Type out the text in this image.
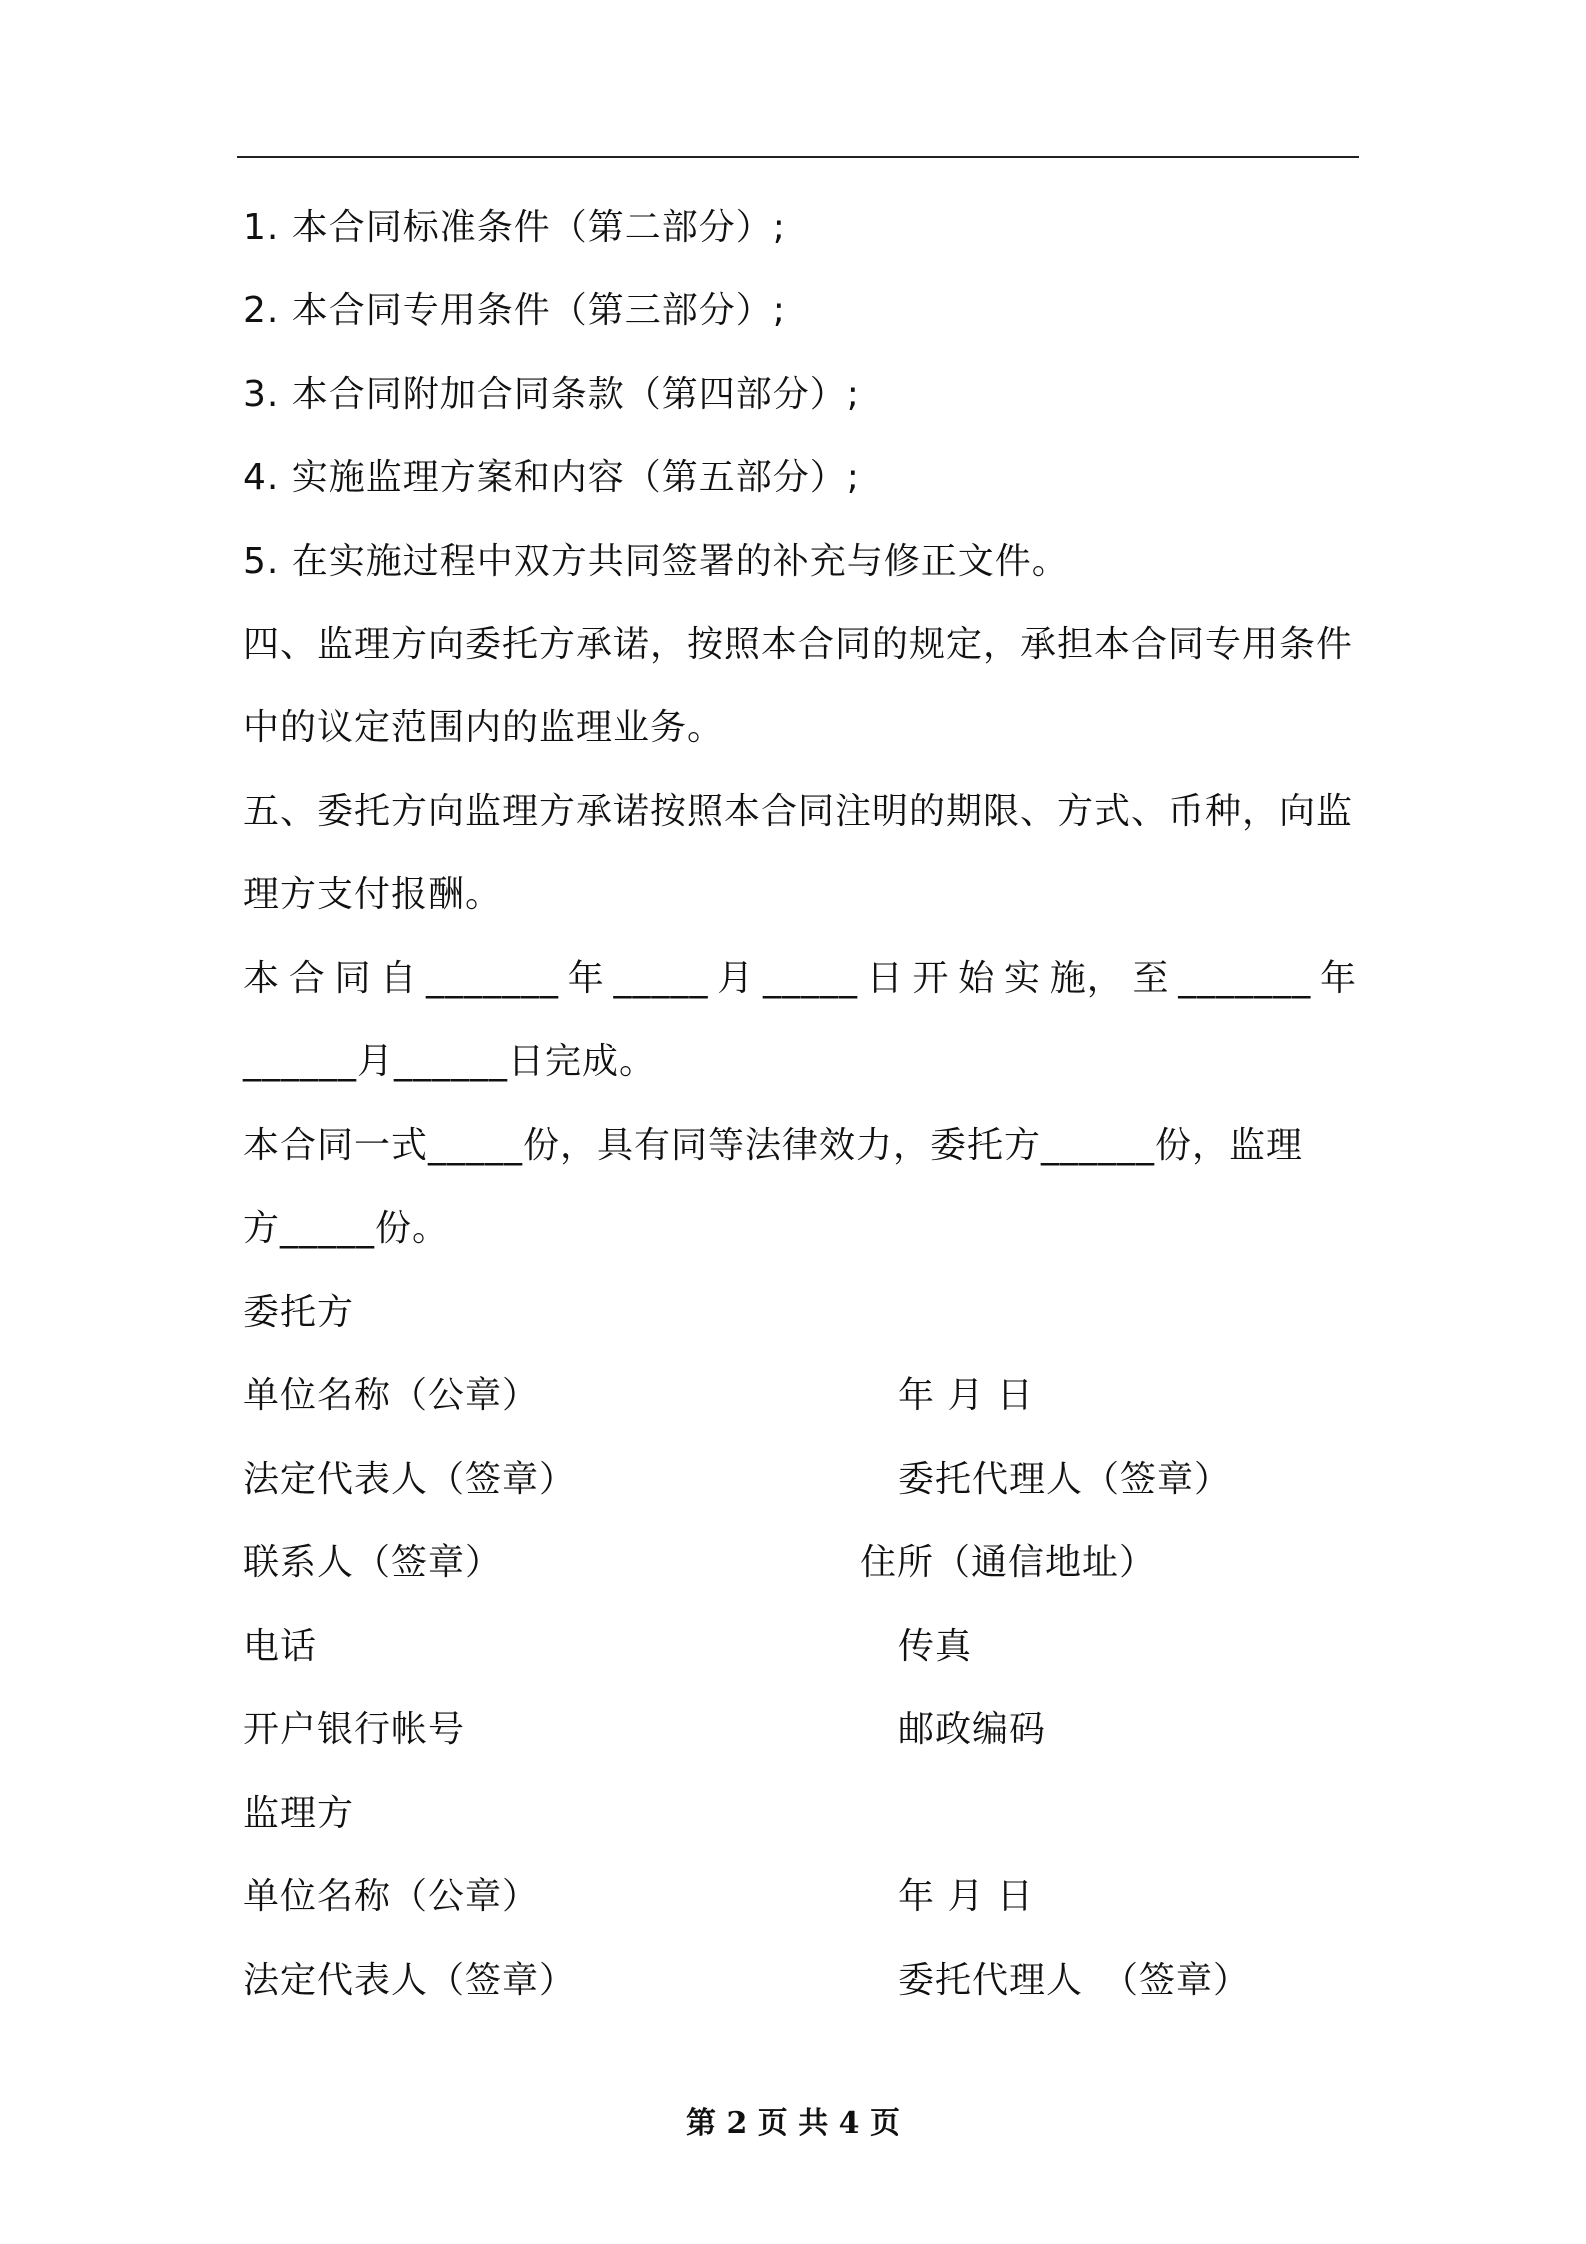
1. 本合同标准条件（第二部分）;
2. 本合同专用条件（第三部分）;
3. 本合同附加合同条款（第四部分）;
4. 实施监理方案和内容（第五部分）;
5. 在实施过程中双方共同签署的补充与修正文件。
四、监理方向委托方承诺，按照本合同的规定，承担本合同专用条件
中的议定范围内的监理业务。
五、委托方向监理方承诺按照本合同注明的期限、方式、币种，向监
理方支付报酬。
本 合 同 自 _______ 年 _____ 月 _____ 日 开 始 实 施， 至 _______ 年
______月______日完成。
本合同一式_____份，具有同等法律效力，委托方______份，监理
方_____份。
委托方
单位名称（公章）	年 月 日
法定代表人（签章）	委托代理人（签章）
联系人（签章）	住所（通信地址）
电话	传真
开户银行帐号	邮政编码
监理方
单位名称（公章）	年 月 日
法定代表人（签章）	委托代理人　（签章）
第 2 页 共 4 页
